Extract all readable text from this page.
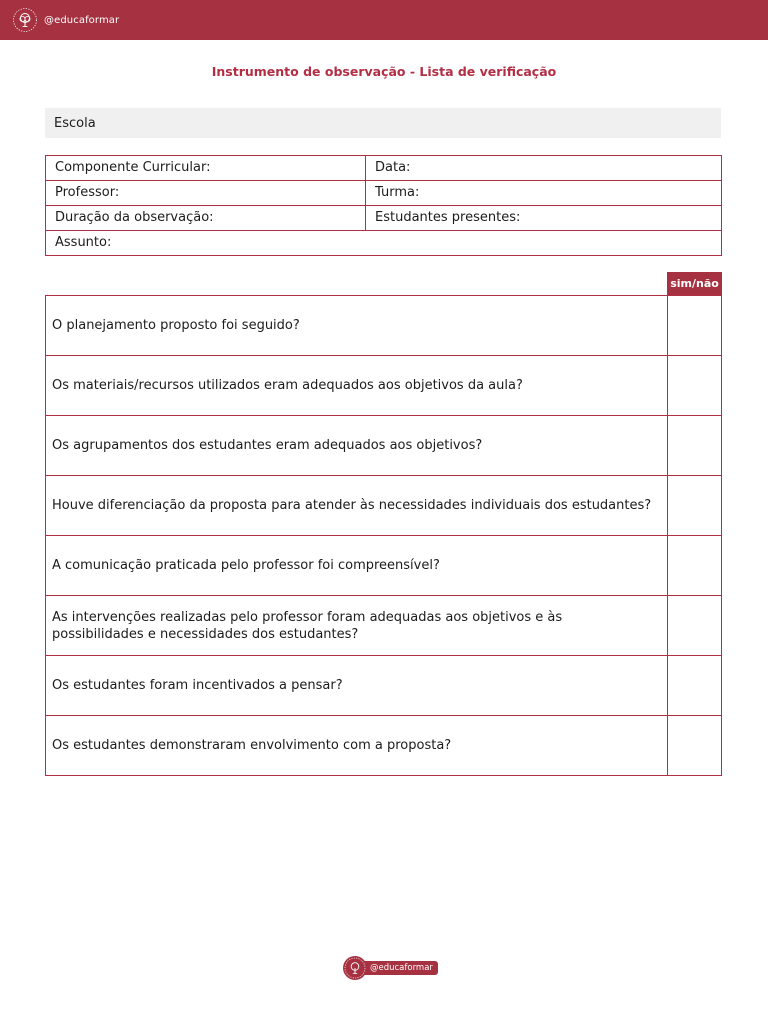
@educaformar
Instrumento de observação - Lista de verificação
Escola
Componente Curricular:	Data:
Professor:	Turma:
Duração da observação:	Estudantes presentes:
Assunto:
sim/não
O planejamento proposto foi seguido?
Os materiais/recursos utilizados eram adequados aos objetivos da aula?
Os agrupamentos dos estudantes eram adequados aos objetivos?
Houve diferenciação da proposta para atender às necessidades individuais dos estudantes?
A comunicação praticada pelo professor foi compreensível?
As intervenções realizadas pelo professor foram adequadas aos objetivos e às possibilidades e necessidades dos estudantes?
Os estudantes foram incentivados a pensar?
Os estudantes demonstraram envolvimento com a proposta?
@educaformar
